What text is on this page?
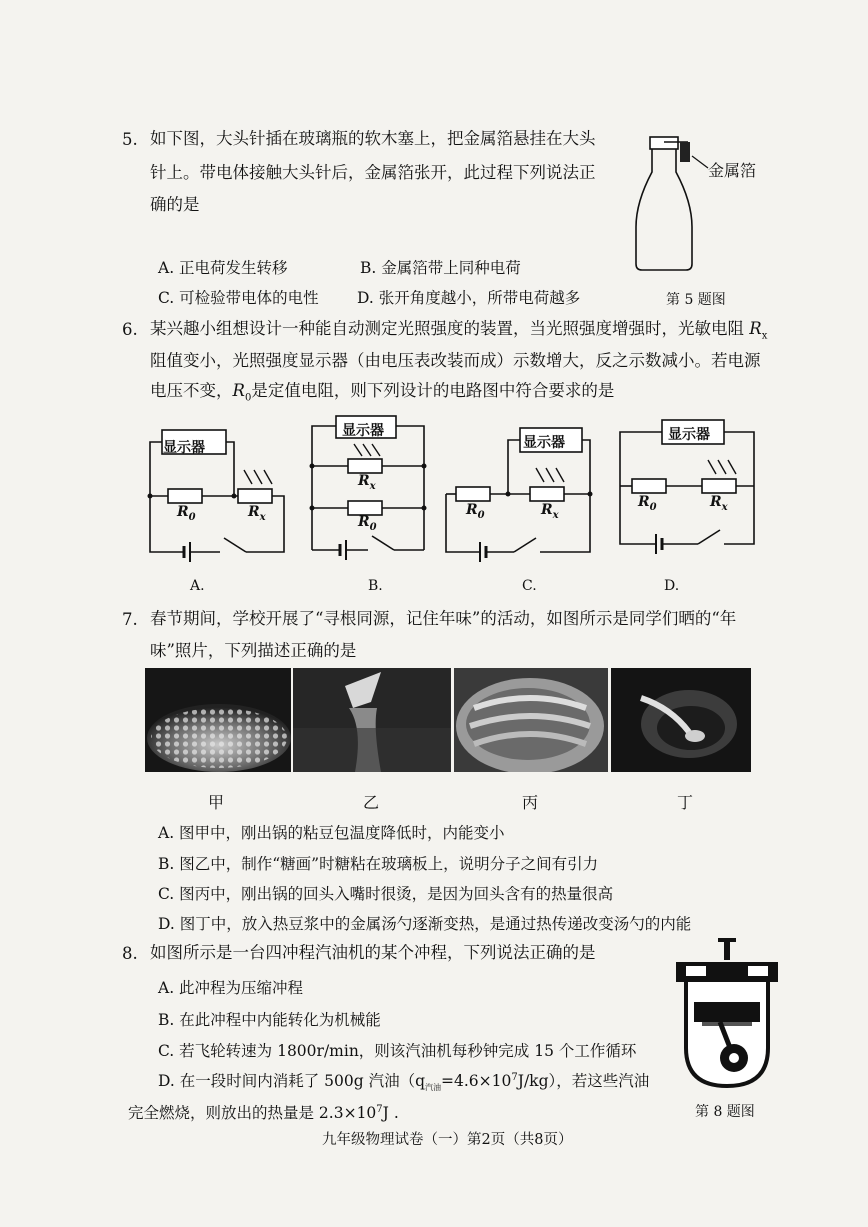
5. 如下图，大头针插在玻璃瓶的软木塞上，把金属箔悬挂在大头
针上。带电体接触大头针后，金属箔张开，此过程下列说法正
确的是
金属箔
A. 正电荷发生转移	B. 金属箔带上同种电荷
C. 可检验带电体的电性 D. 张开角度越小，所带电荷越多	第 5 题图
6. 某兴趣小组想设计一种能自动测定光照强度的装置，当光照强度增强时，光敏电阻 $R_x$
阻值变小，光照强度显示器（由电压表改装而成）示数增大，反之示数减小。若电源
电压不变，$R_0$是定值电阻，则下列设计的电路图中符合要求的是
显示器
$R_0$	$R_x$
A.
显示器
$R_x$
$R_0$
B.
显示器
$R_0$	$R_x$
C.
显示器
$R_0$	$R_x$
D.
7. 春节期间，学校开展了“寻根同源，记住年味”的活动，如图所示是同学们晒的“年
味”照片，下列描述正确的是
甲	乙	丙	丁
A. 图甲中，刚出锅的粘豆包温度降低时，内能变小
B. 图乙中，制作“糖画”时糖粘在玻璃板上，说明分子之间有引力
C. 图丙中，刚出锅的回头入嘴时很烫，是因为回头含有的热量很高
D. 图丁中，放入热豆浆中的金属汤勺逐渐变热，是通过热传递改变汤勺的内能
8. 如图所示是一台四冲程汽油机的某个冲程，下列说法正确的是
A. 此冲程为压缩冲程
B. 在此冲程中内能转化为机械能
C. 若飞轮转速为 1800r/min，则该汽油机每秒钟完成 15 个工作循环
D. 在一段时间内消耗了 500g 汽油$(q_{汽油}=4.6\times 10^7J/kg)$，若这些汽油
完全燃烧，则放出的热量是 $2.3\times 10^7J$ .	第 8 题图
九年级物理试卷（一）第2页（共8页）
